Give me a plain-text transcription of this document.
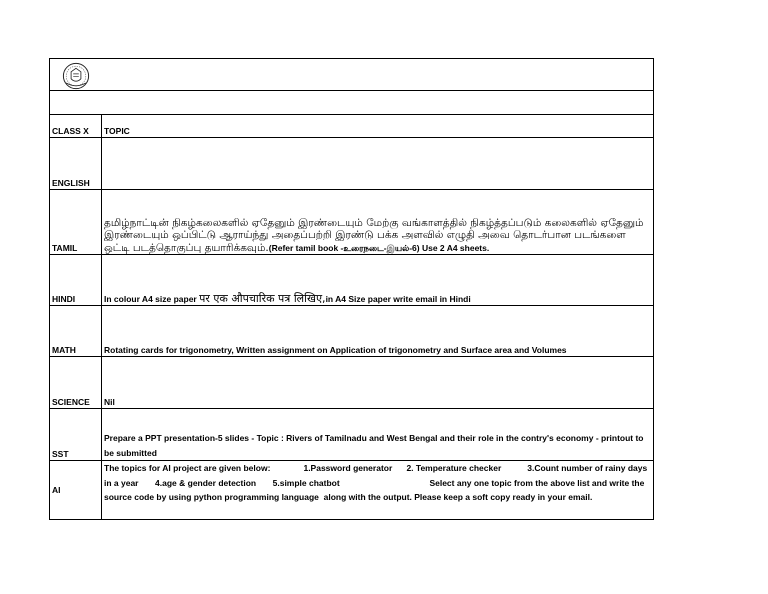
CLASS X	TOPIC
ENGLISH	
TAMIL	தமிழ்நாட்டின் நிகழ்கலைகளில் ஏதேனும் இரண்டையும் மேற்கு வங்காளத்தில் நிகழ்த்தப்படும் கலைகளில் ஏதேனும் இரண்டையும் ஒப்பிட்டு ஆராய்ந்து அதைப்பற்றி இரண்டு பக்க அளவில் எழுதி அவை தொடர்பான படங்களை ஒட்டி படத்தொகுப்பு தயாரிக்கவும்.(Refer tamil book -உரைநடை-இயல்-6) Use 2 A4 sheets.

HINDI	In colour A4 size paper पर एक औपचारिक पत्र लिखिए,in A4 Size paper write email in Hindi
MATH	Rotating cards for trigonometry, Written assignment on Application of trigonometry and Surface area and Volumes
SCIENCE	Nil
SST	Prepare a PPT presentation-5 slides - Topic : Rivers of Tamilnadu and West Bengal and their role in the contry's economy - printout to be submitted
AI	The topics for AI project are given below:              1.Password generator      2. Temperature checker           3.Count number of rainy days in a year       4.age & gender detection       5.simple chatbot                                      Select any one topic from the above list and write the source code by using python programming language  along with the output. Please keep a soft copy ready in your email.
